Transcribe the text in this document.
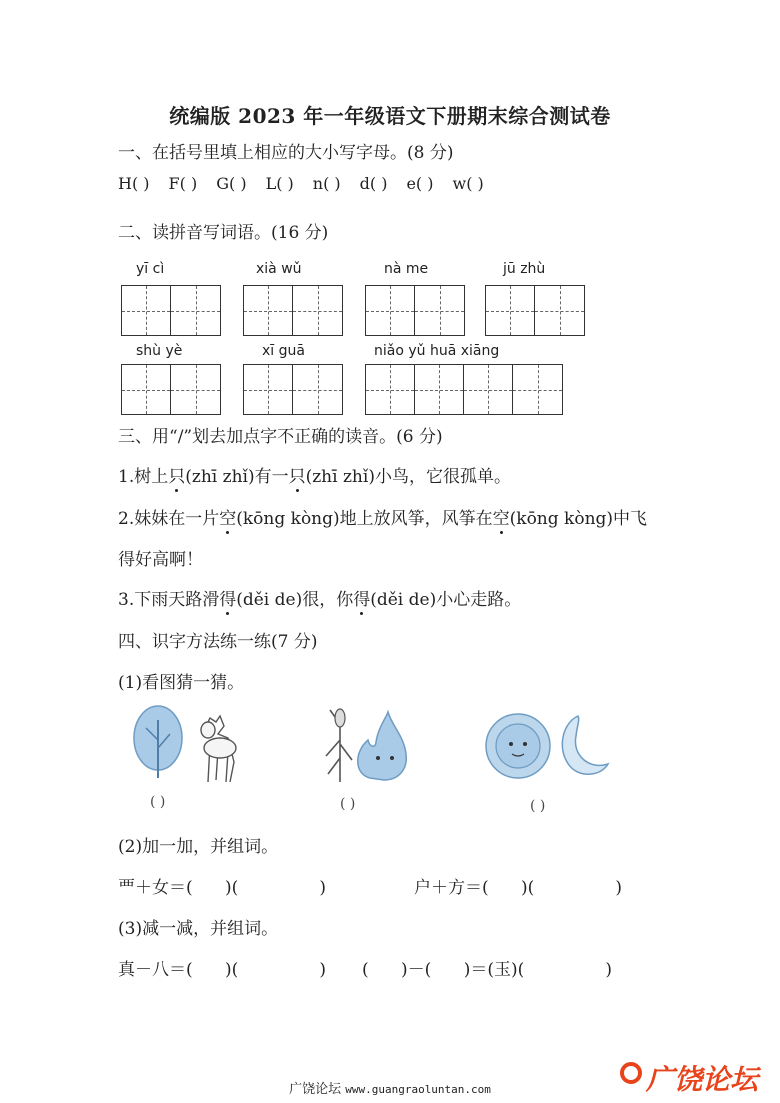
统编版 2023 年一年级语文下册期末综合测试卷
一、在括号里填上相应的大小写字母。(8 分)
H( ) F( ) G( ) L( ) n( ) d( ) e( ) w( )
二、读拼音写词语。(16 分)
yī cì	xià wǔ	nà me	jū zhù
shù yè	xī guā	niǎo yǔ huā xiāng
三、用“/”划去加点字不正确的读音。(6 分)
1.树上只(zhī zhǐ)有一只(zhī zhǐ)小鸟，它很孤单。
2.妹妹在一片空(kōng kòng)地上放风筝，风筝在空(kōng kòng)中飞
得好高啊！
3.下雨天路滑得(děi de)很，你得(děi de)小心走路。
四、识字方法练一练(7 分)
(1)看图猜一猜。
( )	( )	( )
(2)加一加，并组词。
覀＋女＝(      )(               )	户＋方＝(      )(               )
(3)减一减，并组词。
真－八＝(      )(               ) (      )－(      )＝(玉)(               )
广饶论坛 www.guangraoluntan.com	广饶论坛
